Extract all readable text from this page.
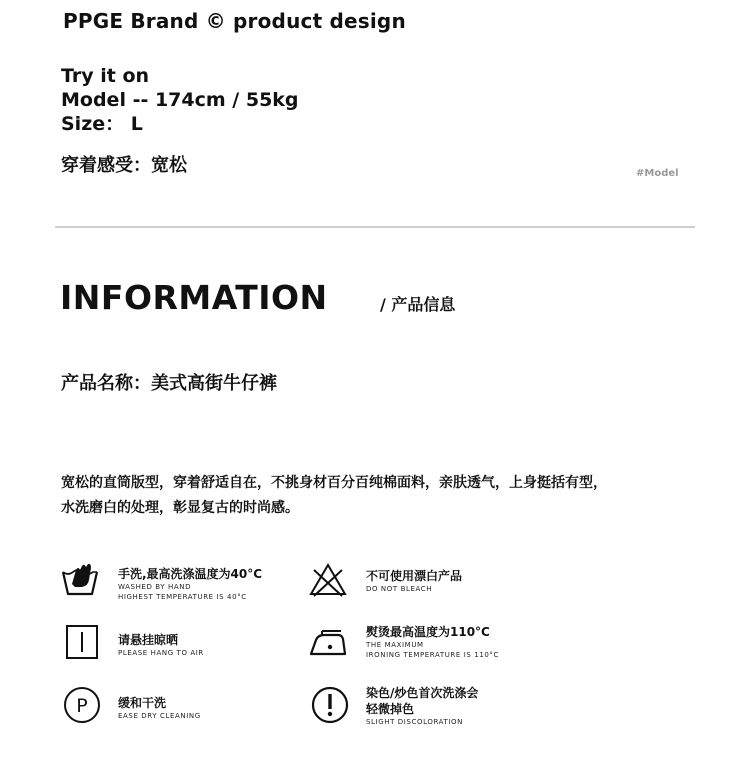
PPGE Brand © product design
Try it on
Model -- 174cm / 55kg
Size： L
穿着感受：宽松	#Model
INFORMATION	/ 产品信息
产品名称：美式高街牛仔裤
宽松的直筒版型，穿着舒适自在，不挑身材百分百纯棉面料，亲肤透气，上身挺括有型，
水洗磨白的处理，彰显复古的时尚感。
手洗,最高洗涤温度为40°C
WASHED BY HAND
HIGHEST TEMPERATURE IS 40°C
不可使用漂白产品
DO NOT BLEACH
请悬挂晾晒
PLEASE HANG TO AIR
熨烫最高温度为110°C
THE MAXIMUM
IRONING TEMPERATURE IS 110°C
P	缓和干洗
EASE DRY CLEANING
染色/炒色首次洗涤会
轻微掉色
SLIGHT DISCOLORATION
